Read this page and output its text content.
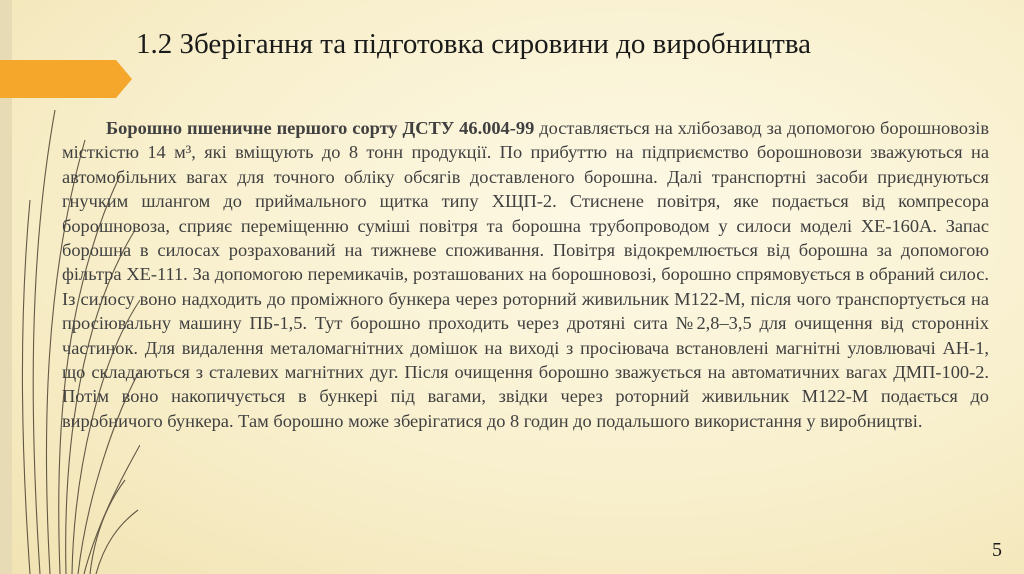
1.2 Зберігання та підготовка сировини до виробництва

Борошно пшеничне першого сорту ДСТУ 46.004-99 доставляється на хлібозавод за допомогою борошновозів місткістю 14 м³, які вміщують до 8 тонн продукції. По прибуттю на підприємство борошновози зважуються на автомобільних вагах для точного обліку обсягів доставленого борошна. Далі транспортні засоби приєднуються гнучким шлангом до приймального щитка типу ХЩП-2. Стиснене повітря, яке подається від компресора борошновоза, сприяє переміщенню суміші повітря та борошна трубопроводом у силоси моделі ХЕ-160А. Запас борошна в силосах розрахований на тижневе споживання. Повітря відокремлюється від борошна за допомогою фільтра ХЕ-111. За допомогою перемикачів, розташованих на борошновозі, борошно спрямовується в обраний силос. Із силосу воно надходить до проміжного бункера через роторний живильник М122-М, після чого транспортується на просіювальну машину ПБ-1,5. Тут борошно проходить через дротяні сита №2,8–3,5 для очищення від сторонніх частинок. Для видалення металомагнітних домішок на виході з просіювача встановлені магнітні уловлювачі АН-1, що складаються з сталевих магнітних дуг. Після очищення борошно зважується на автоматичних вагах ДМП-100-2. Потім воно накопичується в бункері під вагами, звідки через роторний живильник М122-М подається до виробничого бункера. Там борошно може зберігатися до 8 годин до подальшого використання у виробництві.

5
